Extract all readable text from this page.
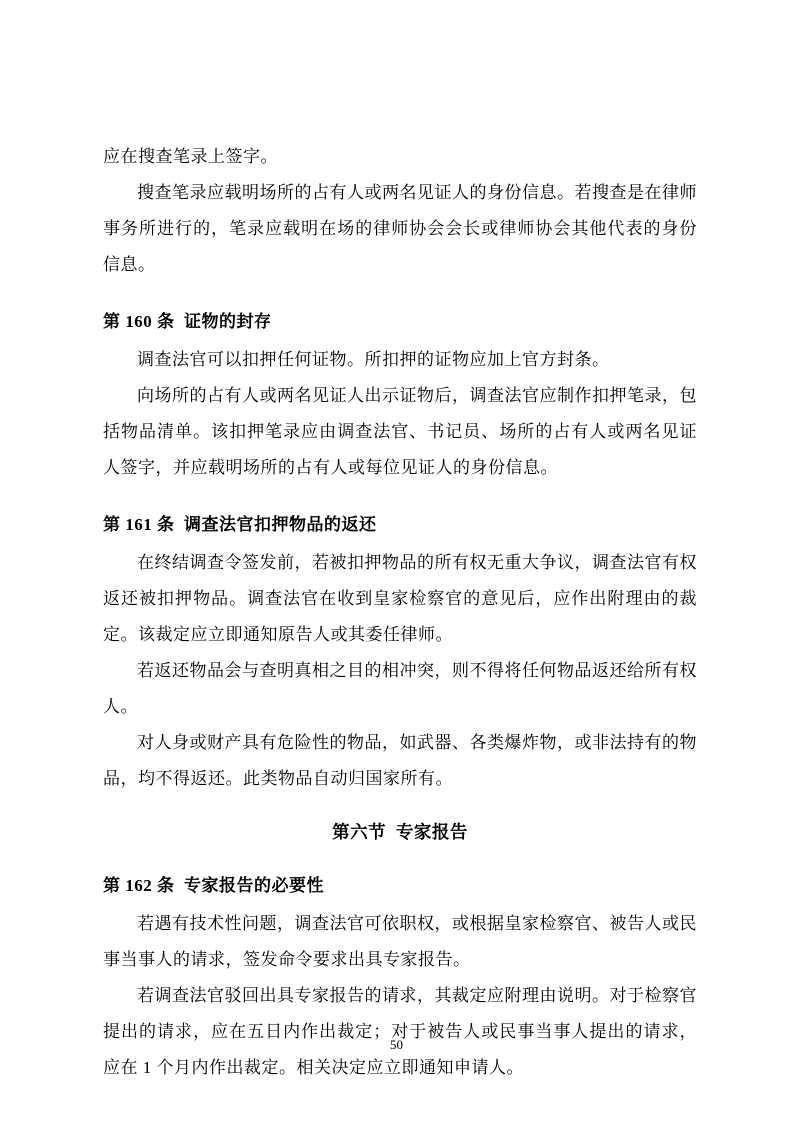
应在搜查笔录上签字。

搜查笔录应载明场所的占有人或两名见证人的身份信息。若搜查是在律师事务所进行的，笔录应载明在场的律师协会会长或律师协会其他代表的身份信息。

第 160 条  证物的封存

调查法官可以扣押任何证物。所扣押的证物应加上官方封条。

向场所的占有人或两名见证人出示证物后，调查法官应制作扣押笔录，包括物品清单。该扣押笔录应由调查法官、书记员、场所的占有人或两名见证人签字，并应载明场所的占有人或每位见证人的身份信息。

第 161 条  调查法官扣押物品的返还

在终结调查令签发前，若被扣押物品的所有权无重大争议，调查法官有权返还被扣押物品。调查法官在收到皇家检察官的意见后，应作出附理由的裁定。该裁定应立即通知原告人或其委任律师。

若返还物品会与查明真相之目的相冲突，则不得将任何物品返还给所有权人。

对人身或财产具有危险性的物品，如武器、各类爆炸物，或非法持有的物品，均不得返还。此类物品自动归国家所有。

第六节  专家报告
第 162 条  专家报告的必要性

若遇有技术性问题，调查法官可依职权，或根据皇家检察官、被告人或民事当事人的请求，签发命令要求出具专家报告。

若调查法官驳回出具专家报告的请求，其裁定应附理由说明。对于检察官提出的请求，应在五日内作出裁定；对于被告人或民事当事人提出的请求，应在 1 个月内作出裁定。相关决定应立即通知申请人。

50
